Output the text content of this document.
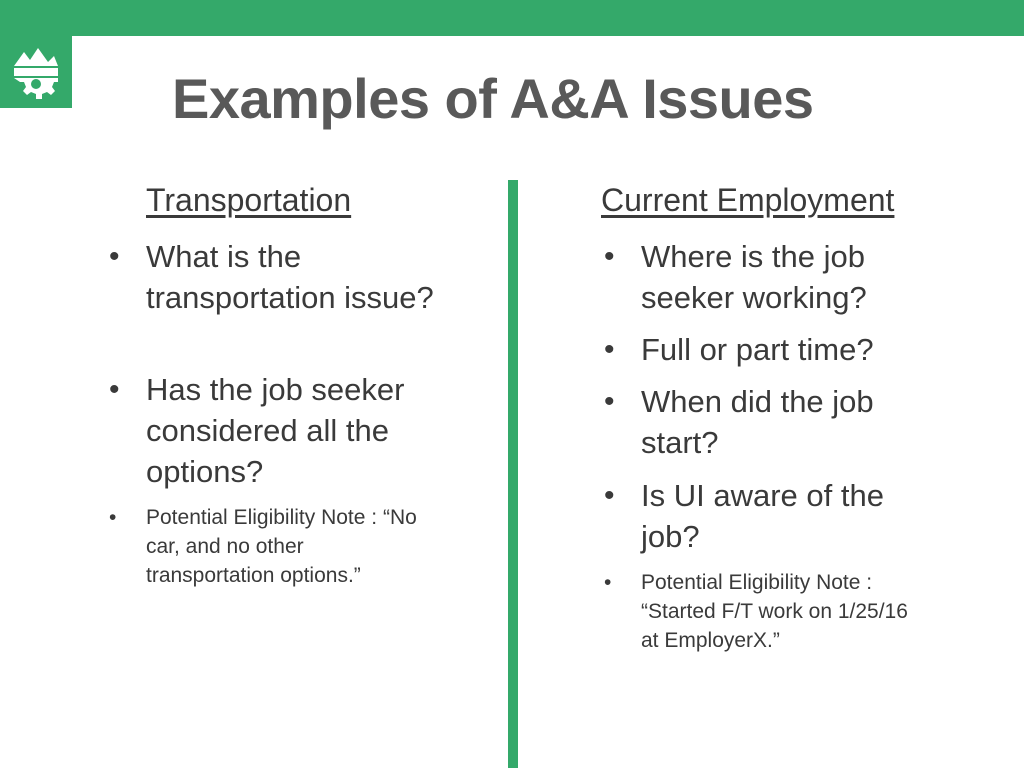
Examples of A&A Issues
Transportation
• What is the transportation issue?
• Has the job seeker considered all the options?
• Potential Eligibility Note : “No car, and no other transportation options.”
Current Employment
• Where is the job seeker working?
• Full or part time?
• When did the job start?
• Is UI aware of the job?
• Potential Eligibility Note : “Started F/T work on 1/25/16 at EmployerX.”
